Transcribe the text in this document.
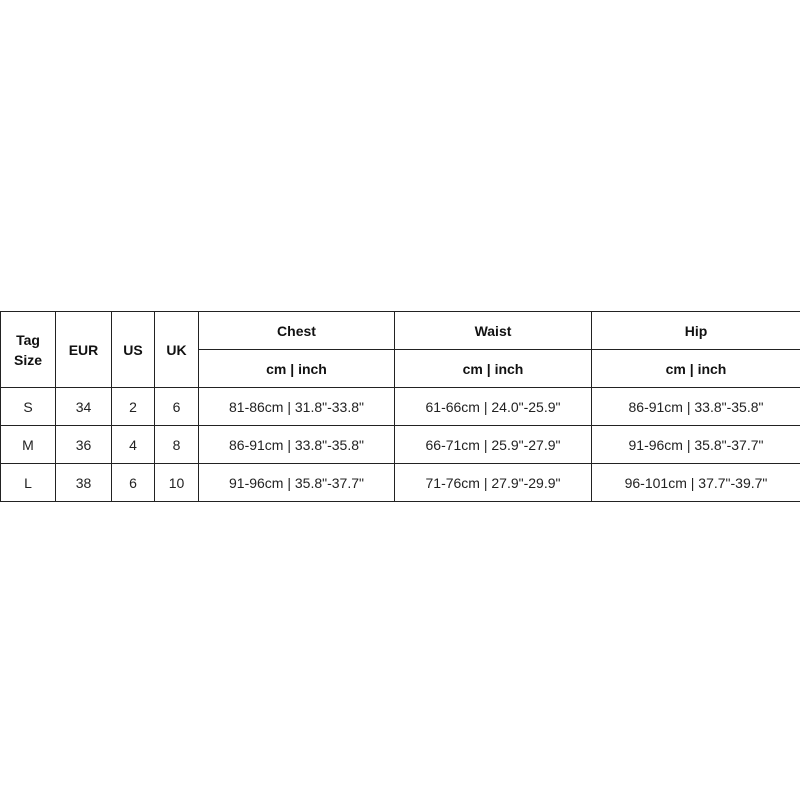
Tag
Size	EUR	US	UK	Chest	Waist	Hip
				cm | inch	cm | inch	cm | inch
S	34	2	6	81-86cm | 31.8"-33.8"	61-66cm | 24.0"-25.9"	86-91cm | 33.8"-35.8"
M	36	4	8	86-91cm | 33.8"-35.8"	66-71cm | 25.9"-27.9"	91-96cm | 35.8"-37.7"
L	38	6	10	91-96cm | 35.8"-37.7"	71-76cm | 27.9"-29.9"	96-101cm | 37.7"-39.7"
